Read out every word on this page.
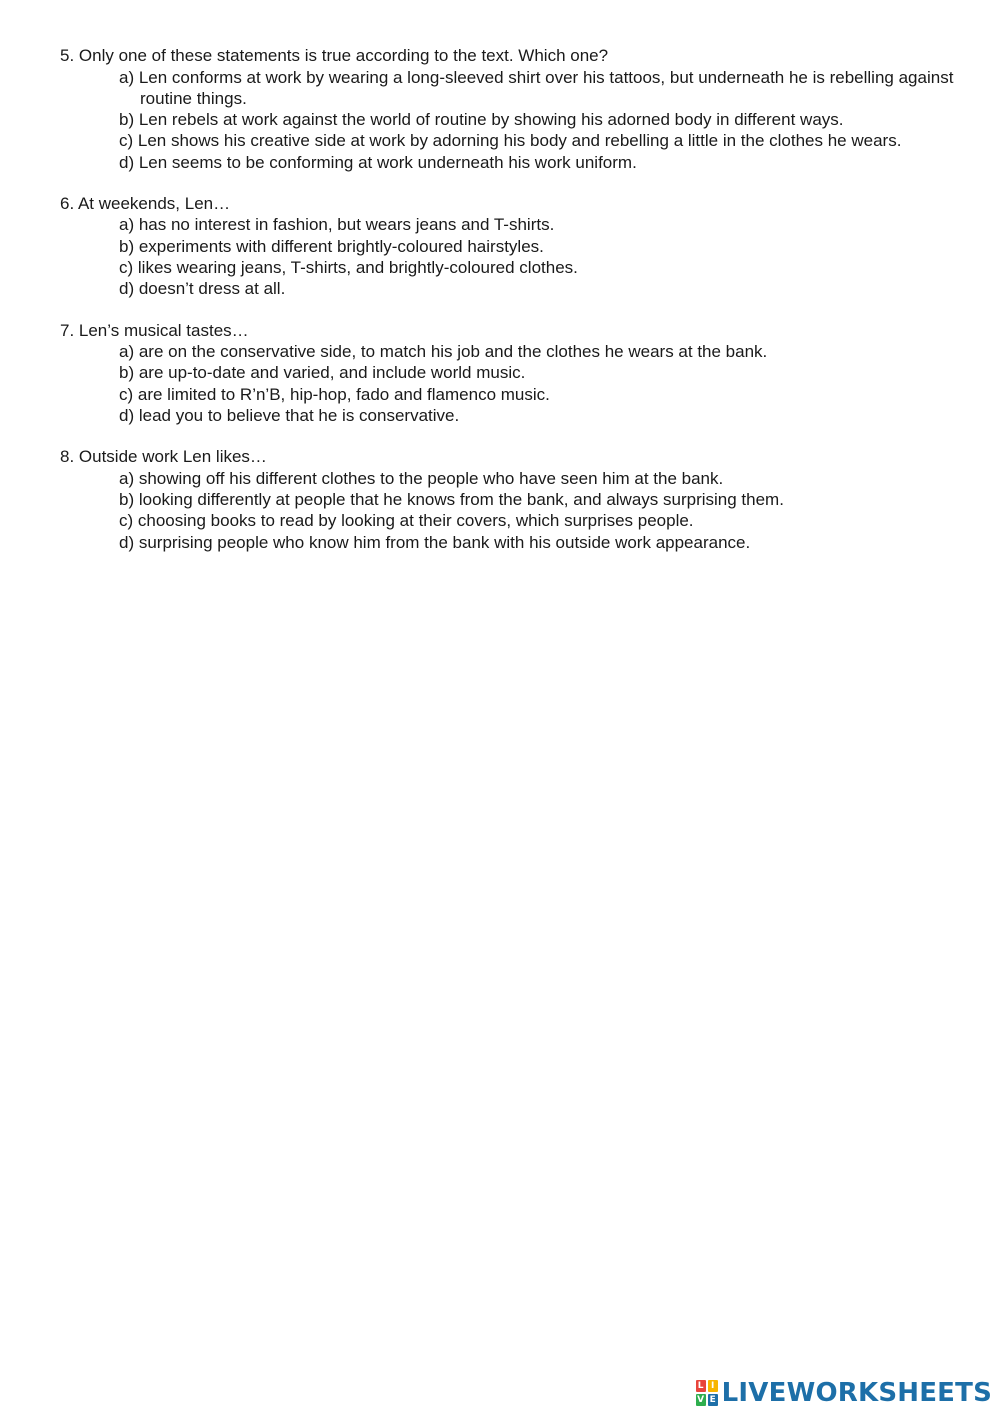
5. Only one of these statements is true according to the text. Which one?
a) Len conforms at work by wearing a long-sleeved shirt over his tattoos, but underneath he is rebelling against routine things.
b) Len rebels at work against the world of routine by showing his adorned body in different ways.
c) Len shows his creative side at work by adorning his body and rebelling a little in the clothes he wears.
d) Len seems to be conforming at work underneath his work uniform.
6. At weekends, Len…
a) has no interest in fashion, but wears jeans and T-shirts.
b) experiments with different brightly-coloured hairstyles.
c) likes wearing jeans, T-shirts, and brightly-coloured clothes.
d) doesn’t dress at all.
7. Len’s musical tastes…
a) are on the conservative side, to match his job and the clothes he wears at the bank.
b) are up-to-date and varied, and include world music.
c) are limited to R’n’B, hip-hop, fado and flamenco music.
d) lead you to believe that he is conservative.
8. Outside work Len likes…
a) showing off his different clothes to the people who have seen him at the bank.
b) looking differently at people that he knows from the bank, and always surprising them.
c) choosing books to read by looking at their covers, which surprises people.
d) surprising people who know him from the bank with his outside work appearance.
L I
V E LIVEWORKSHEETS
